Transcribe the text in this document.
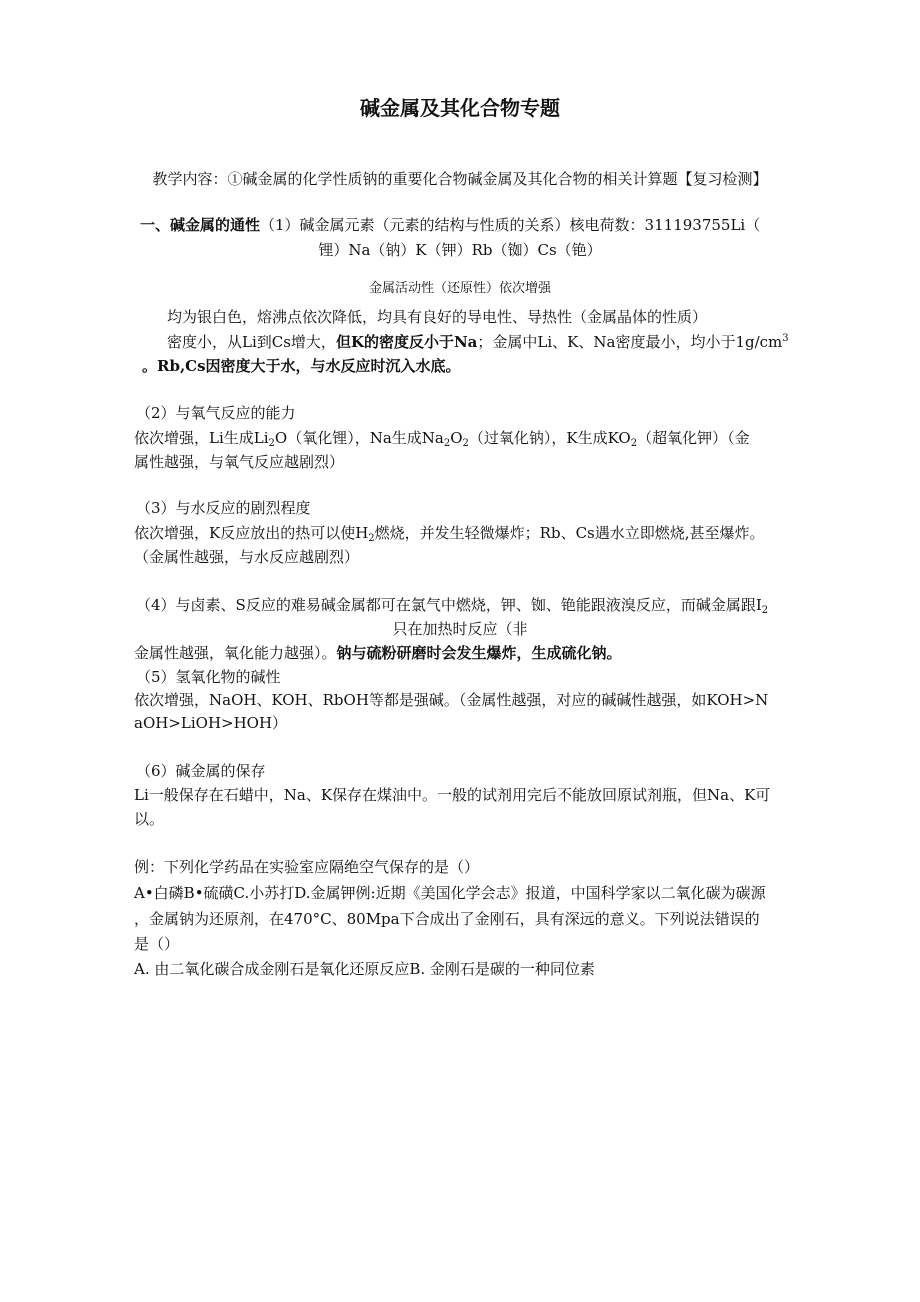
碱金属及其化合物专题
教学内容：①碱金属的化学性质钠的重要化合物碱金属及其化合物的相关计算题【复习检测】
一、碱金属的通性（1）碱金属元素（元素的结构与性质的关系）核电荷数：311193755Li（
锂）Na（钠）K（钾）Rb（铷）Cs（铯）
金属活动性（还原性）依次增强
均为银白色，熔沸点依次降低，均具有良好的导电性、导热性（金属晶体的性质）
密度小，从Li到Cs增大，但K的密度反小于Na；金属中Li、K、Na密度最小，均小于$1g/cm^3$
。Rb,Cs因密度大于水，与水反应时沉入水底。
（2）与氧气反应的能力
依次增强，Li生成$Li_2O$（氧化锂），Na生成$Na_2O_2$（过氧化钠），K生成$KO_2$（超氧化钾）（金
属性越强，与氧气反应越剧烈）
（3）与水反应的剧烈程度
依次增强，K反应放出的热可以使$H_2$燃烧，并发生轻微爆炸；Rb、Cs遇水立即燃烧,甚至爆炸。
（金属性越强，与水反应越剧烈）
（4）与卤素、S反应的难易碱金属都可在氯气中燃烧，钾、铷、铯能跟液溴反应，而碱金属跟$I_2$
只在加热时反应（非
金属性越强，氧化能力越强）。钠与硫粉研磨时会发生爆炸，生成硫化钠。
（5）氢氧化物的碱性
依次增强，NaOH、KOH、RbOH等都是强碱。（金属性越强，对应的碱碱性越强，如KOH>N
aOH>LiOH>HOH）
（6）碱金属的保存
Li一般保存在石蜡中，Na、K保存在煤油中。一般的试剂用完后不能放回原试剂瓶，但Na、K可
以。
例：下列化学药品在实验室应隔绝空气保存的是（）
A•白磷B•硫磺C.小苏打D.金属钾例:近期《美国化学会志》报道，中国科学家以二氧化碳为碳源
，金属钠为还原剂，在470°C、80Mpa下合成出了金刚石，具有深远的意义。下列说法错误的
是（）
A. 由二氧化碳合成金刚石是氧化还原反应B. 金刚石是碳的一种同位素
